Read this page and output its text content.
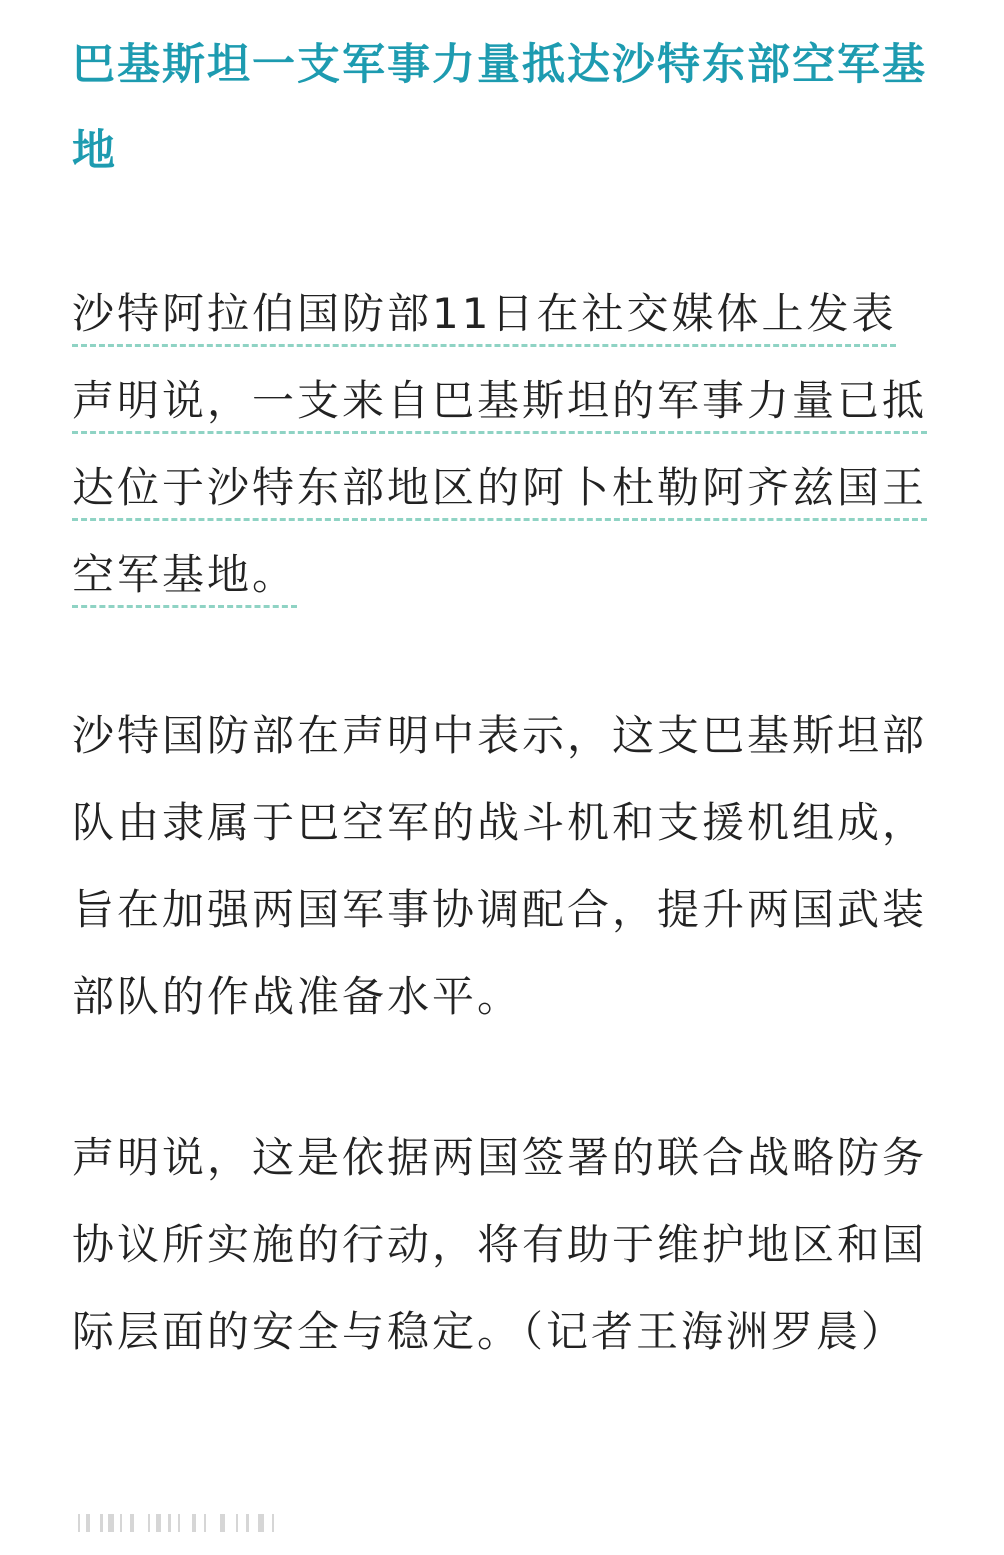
巴基斯坦一支军事力量抵达沙特东部空军基地

沙特阿拉伯国防部11日在社交媒体上发表声明说，一支来自巴基斯坦的军事力量已抵达位于沙特东部地区的阿卜杜勒阿齐兹国王空军基地。

沙特国防部在声明中表示，这支巴基斯坦部队由隶属于巴空军的战斗机和支援机组成，旨在加强两国军事协调配合，提升两国武装部队的作战准备水平。

声明说，这是依据两国签署的联合战略防务协议所实施的行动，将有助于维护地区和国际层面的安全与稳定。（记者王海洲罗晨）
